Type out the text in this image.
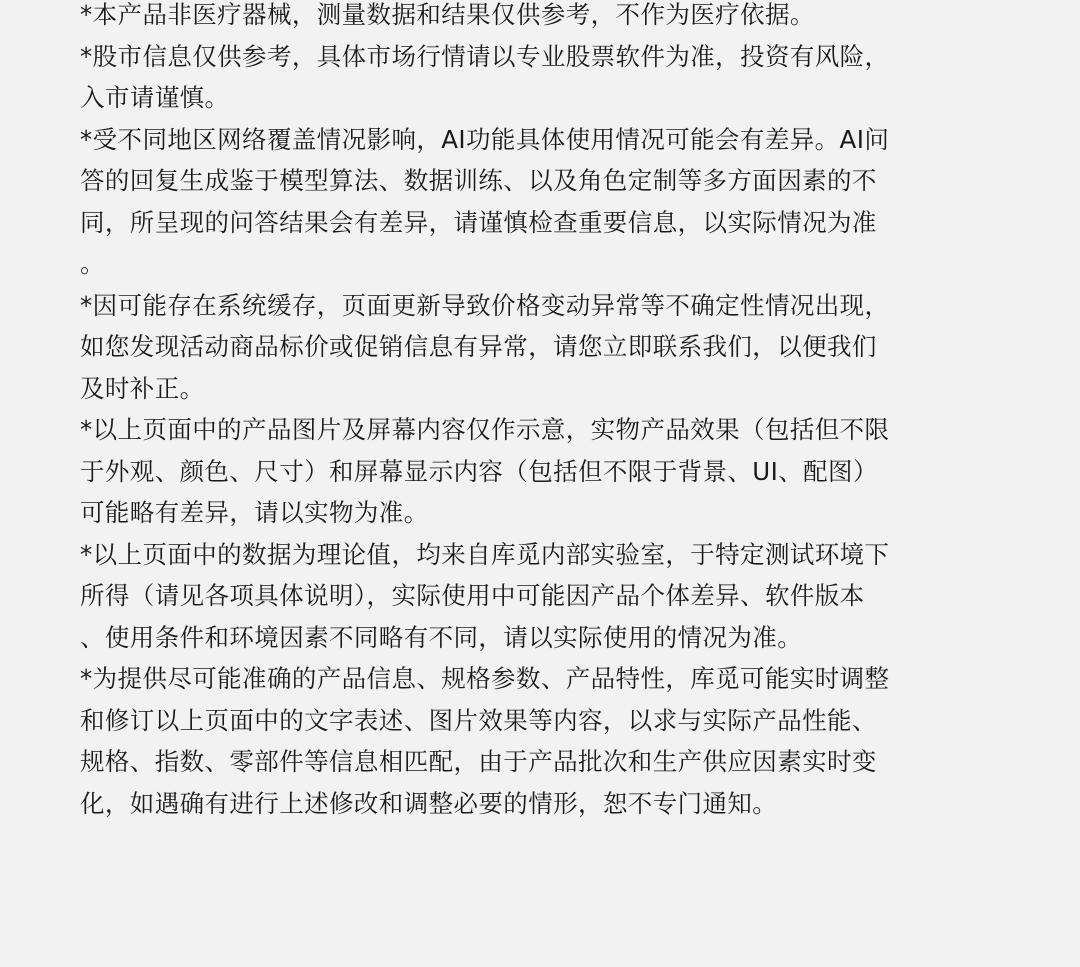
*本产品非医疗器械，测量数据和结果仅供参考，不作为医疗依据。
*股市信息仅供参考，具体市场行情请以专业股票软件为准，投资有风险，
入市请谨慎。
*受不同地区网络覆盖情况影响，AI功能具体使用情况可能会有差异。AI问
答的回复生成鉴于模型算法、数据训练、以及角色定制等多方面因素的不
同，所呈现的问答结果会有差异，请谨慎检查重要信息，以实际情况为准
。
*因可能存在系统缓存，页面更新导致价格变动异常等不确定性情况出现，
如您发现活动商品标价或促销信息有异常，请您立即联系我们，以便我们
及时补正。
*以上页面中的产品图片及屏幕内容仅作示意，实物产品效果（包括但不限
于外观、颜色、尺寸）和屏幕显示内容（包括但不限于背景、UI、配图）
可能略有差异，请以实物为准。
*以上页面中的数据为理论值，均来自库觅内部实验室，于特定测试环境下
所得（请见各项具体说明），实际使用中可能因产品个体差异、软件版本
、使用条件和环境因素不同略有不同，请以实际使用的情况为准。
*为提供尽可能准确的产品信息、规格参数、产品特性，库觅可能实时调整
和修订以上页面中的文字表述、图片效果等内容，以求与实际产品性能、
规格、指数、零部件等信息相匹配，由于产品批次和生产供应因素实时变
化，如遇确有进行上述修改和调整必要的情形，恕不专门通知。
